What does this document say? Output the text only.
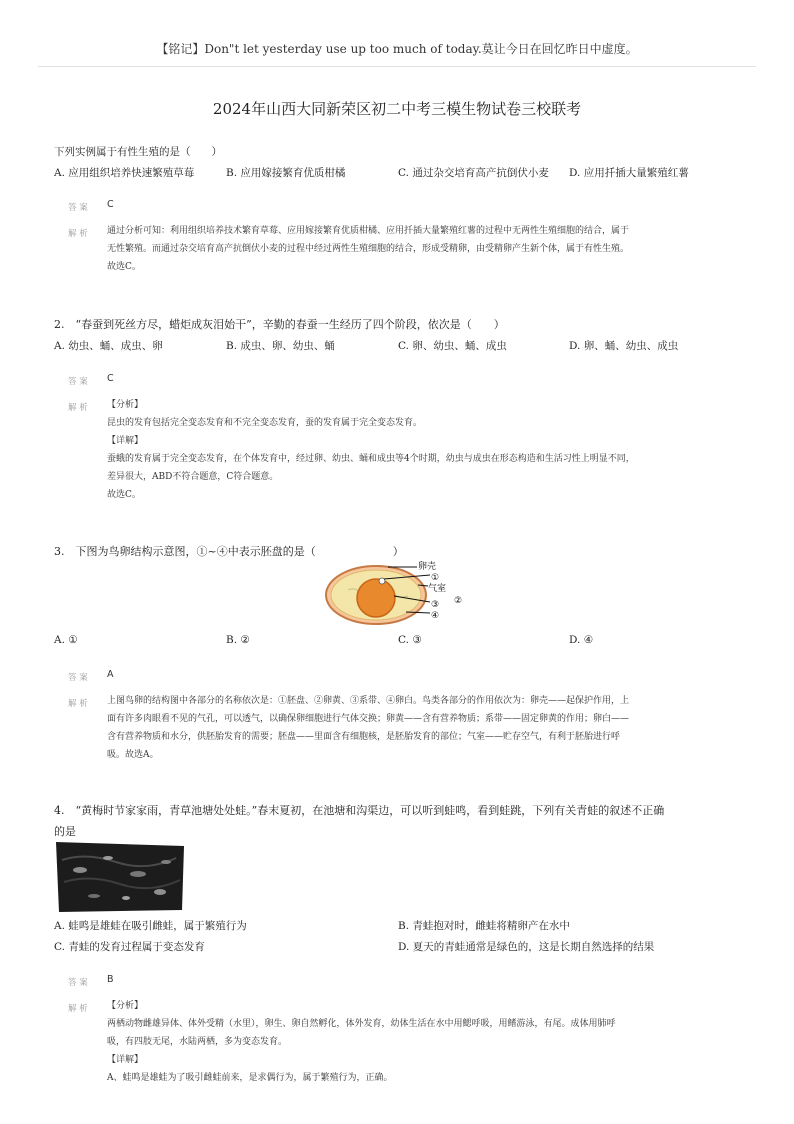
【铭记】Don"t let yesterday use up too much of today.莫让今日在回忆昨日中虚度。
2024年山西大同新荣区初二中考三模生物试卷三校联考
下列实例属于有性生殖的是（　　）
A. 应用组织培养快速繁殖草莓	B. 应用嫁接繁育优质柑橘	C. 通过杂交培育高产抗倒伏小麦 D. 应用扦插大量繁殖红薯
答 案 C
解 析 通过分析可知：利用组织培养技术繁育草莓、应用嫁接繁育优质柑橘、应用扦插大量繁殖红薯的过程中无两性生殖细胞的结合，属于
无性繁殖。而通过杂交培育高产抗倒伏小麦的过程中经过两性生殖细胞的结合，形成受精卵，由受精卵产生新个体，属于有性生殖。
故选C。
2.　“春蚕到死丝方尽，蜡炬成灰泪始干”，辛勤的春蚕一生经历了四个阶段，依次是（　　）
A. 幼虫、蛹、成虫、卵	B. 成虫、卵、幼虫、蛹	C. 卵、幼虫、蛹、成虫	D. 卵、蛹、幼虫、成虫
答 案 C
解 析 【分析】
昆虫的发育包括完全变态发育和不完全变态发育，蚕的发育属于完全变态发育。
【详解】
蚕蛾的发育属于完全变态发育，在个体发育中，经过卵、幼虫、蛹和成虫等4个时期，幼虫与成虫在形态构造和生活习性上明显不同，
差异很大，ABD不符合题意，C符合题意。
故选C。
3.　下图为鸟卵结构示意图，①~④中表示胚盘的是（　　　　　　　）
卵壳
①
气室
②
③
④
A. ①	B. ②	C. ③	D. ④
答 案 A
解 析 上图鸟卵的结构图中各部分的名称依次是：①胚盘、②卵黄、③系带、④卵白。鸟类各部分的作用依次为：卵壳——起保护作用，上
面有许多肉眼看不见的气孔，可以透气，以确保卵细胞进行气体交换；卵黄——含有营养物质；系带——固定卵黄的作用；卵白——
含有营养物质和水分，供胚胎发育的需要；胚盘——里面含有细胞核，是胚胎发育的部位；气室——贮存空气，有利于胚胎进行呼
吸。故选A。
4.　“黄梅时节家家雨，青草池塘处处蛙。”春末夏初，在池塘和沟渠边，可以听到蛙鸣，看到蛙跳，下列有关青蛙的叙述不正确
的是
A. 蛙鸣是雄蛙在吸引雌蛙，属于繁殖行为	B. 青蛙抱对时，雌蛙将精卵产在水中
C. 青蛙的发育过程属于变态发育	D. 夏天的青蛙通常是绿色的，这是长期自然选择的结果
答 案 B
解 析 【分析】
两栖动物雌雄异体、体外受精（水里），卵生、卵自然孵化，体外发育，幼体生活在水中用鳃呼吸，用鳍游泳，有尾。成体用肺呼
吸，有四肢无尾，水陆两栖，多为变态发育。
【详解】
A、蛙鸣是雄蛙为了吸引雌蛙前来，是求偶行为，属于繁殖行为，正确。
